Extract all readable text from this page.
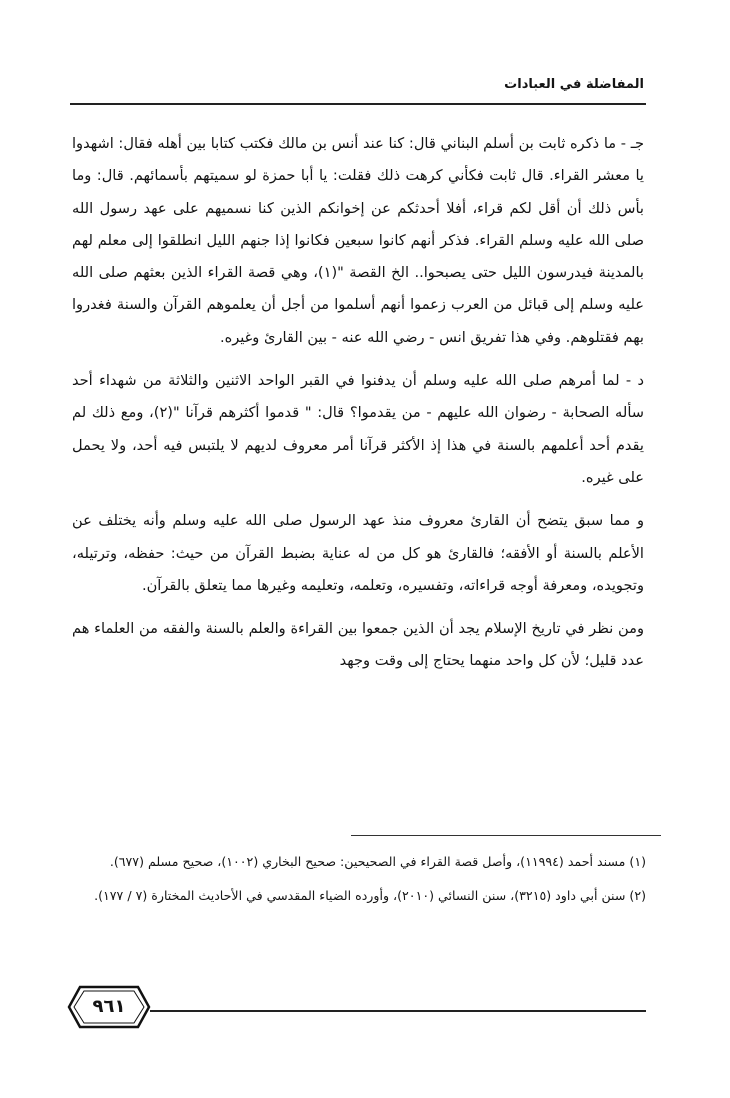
المفاضلة في العبادات

جـ - ما ذكره ثابت بن أسلم البناني قال: كنا عند أنس بن مالك فكتب كتابا بين أهله فقال: اشهدوا يا معشر القراء. قال ثابت فكأني كرهت ذلك فقلت: يا أبا حمزة لو سميتهم بأسمائهم. قال: وما بأس ذلك أن أقل لكم قراء، أفلا أحدثكم عن إخوانكم الذين كنا نسميهم على عهد رسول الله صلى الله عليه وسلم القراء. فذكر أنهم كانوا سبعين فكانوا إذا جنهم الليل انطلقوا إلى معلم لهم بالمدينة فيدرسون الليل حتى يصبحوا.. الخ القصة "(١)، وهي قصة القراء الذين بعثهم صلى الله عليه وسلم إلى قبائل من العرب زعموا أنهم أسلموا من أجل أن يعلموهم القرآن والسنة فغدروا بهم فقتلوهم. وفي هذا تفريق انس - رضي الله عنه - بين القارئ وغيره.

د - لما أمرهم صلى الله عليه وسلم أن يدفنوا في القبر الواحد الاثنين والثلاثة من شهداء أحد سأله الصحابة - رضوان الله عليهم - من يقدموا؟ قال: " قدموا أكثرهم قرآنا "(٢)، ومع ذلك لم يقدم أحد أعلمهم بالسنة في هذا إذ الأكثر قرآنا أمر معروف لديهم لا يلتبس فيه أحد، ولا يحمل على غيره.

و مما سبق يتضح أن القارئ معروف منذ عهد الرسول صلى الله عليه وسلم وأنه يختلف عن الأعلم بالسنة أو الأفقه؛ فالقارئ هو كل من له عناية بضبط القرآن من حيث: حفظه، وترتيله، وتجويده، ومعرفة أوجه قراءاته، وتفسيره، وتعلمه، وتعليمه وغيرها مما يتعلق بالقرآن.

ومن نظر في تاريخ الإسلام يجد أن الذين جمعوا بين القراءة والعلم بالسنة والفقه من العلماء هم عدد قليل؛ لأن كل واحد منهما يحتاج إلى وقت وجهد

(١) مسند أحمد (١١٩٩٤)، وأصل قصة القراء في الصحيحين: صحيح البخاري (١٠٠٢)، صحيح مسلم (٦٧٧).

(٢) سنن أبي داود (٣٢١٥)، سنن النسائي (٢٠١٠)، وأورده الضياء المقدسي في الأحاديث المختارة (٧ / ١٧٧).

٩٦١
